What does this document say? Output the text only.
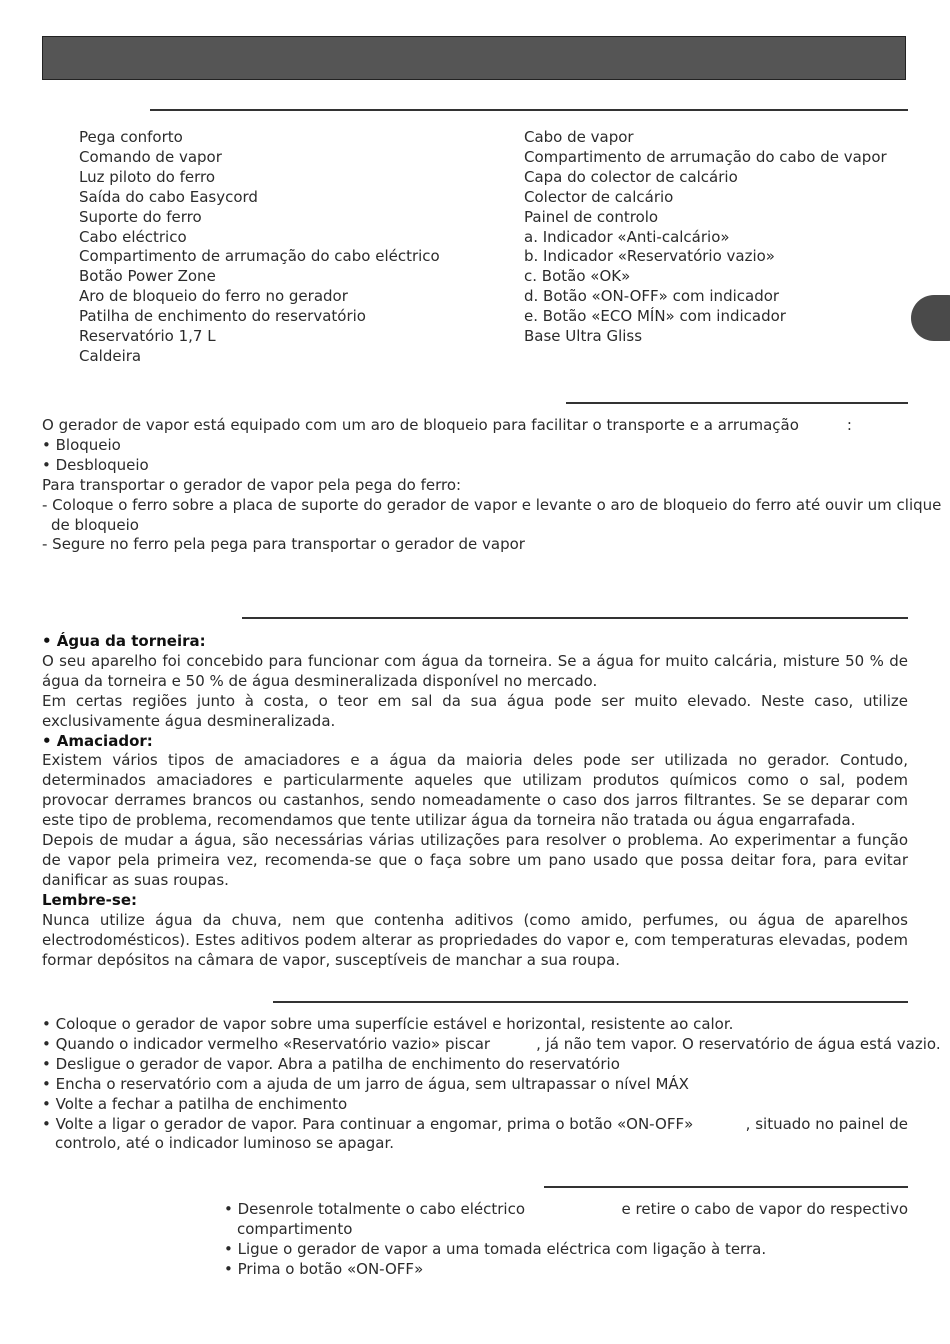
Pega conforto
Comando de vapor
Luz piloto do ferro
Saída do cabo Easycord
Suporte do ferro
Cabo eléctrico
Compartimento de arrumação do cabo eléctrico
Botão Power Zone
Aro de bloqueio do ferro no gerador
Patilha de enchimento do reservatório
Reservatório 1,7 L
Caldeira
Cabo de vapor
Compartimento de arrumação do cabo de vapor
Capa do colector de calcário
Colector de calcário
Painel de controlo
a. Indicador «Anti-calcário»
b. Indicador «Reservatório vazio»
c. Botão «OK»
d. Botão «ON-OFF» com indicador
e. Botão «ECO MÍN» com indicador
Base Ultra Gliss
O gerador de vapor está equipado com um aro de bloqueio para facilitar o transporte e a arrumação	:
• Bloqueio
• Desbloqueio
Para transportar o gerador de vapor pela pega do ferro:
- Coloque o ferro sobre a placa de suporte do gerador de vapor e levante o aro de bloqueio do ferro até ouvir um clique
de bloqueio
- Segure no ferro pela pega para transportar o gerador de vapor
• Água da torneira:
O seu aparelho foi concebido para funcionar com água da torneira. Se a água for muito calcária, misture 50 % de água da torneira e 50 % de água desmineralizada disponível no mercado.
Em certas regiões junto à costa, o teor em sal da sua água pode ser muito elevado. Neste caso, utilize exclusivamente água desmineralizada.
• Amaciador:
Existem vários tipos de amaciadores e a água da maioria deles pode ser utilizada no gerador. Contudo, determinados amaciadores e particularmente aqueles que utilizam produtos químicos como o sal, podem provocar derrames brancos ou castanhos, sendo nomeadamente o caso dos jarros filtrantes. Se se deparar com este tipo de problema, recomendamos que tente utilizar água da torneira não tratada ou água engarrafada.
Depois de mudar a água, são necessárias várias utilizações para resolver o problema. Ao experimentar a função de vapor pela primeira vez, recomenda-se que o faça sobre um pano usado que possa deitar fora, para evitar danificar as suas roupas.
Lembre-se:
Nunca utilize água da chuva, nem que contenha aditivos (como amido, perfumes, ou água de aparelhos electrodomésticos). Estes aditivos podem alterar as propriedades do vapor e, com temperaturas elevadas, podem formar depósitos na câmara de vapor, susceptíveis de manchar a sua roupa.
• Coloque o gerador de vapor sobre uma superfície estável e horizontal, resistente ao calor.
• Quando o indicador vermelho «Reservatório vazio» piscar	, já não tem vapor. O reservatório de água está vazio.
• Desligue o gerador de vapor. Abra a patilha de enchimento do reservatório
• Encha o reservatório com a ajuda de um jarro de água, sem ultrapassar o nível MÁX
• Volte a fechar a patilha de enchimento
• Volte a ligar o gerador de vapor. Para continuar a engomar, prima o botão «ON-OFF»	, situado no painel de
controlo, até o indicador luminoso se apagar.
• Desenrole totalmente o cabo eléctrico	e retire o cabo de vapor do respectivo
compartimento
• Ligue o gerador de vapor a uma tomada eléctrica com ligação à terra.
• Prima o botão «ON-OFF»
